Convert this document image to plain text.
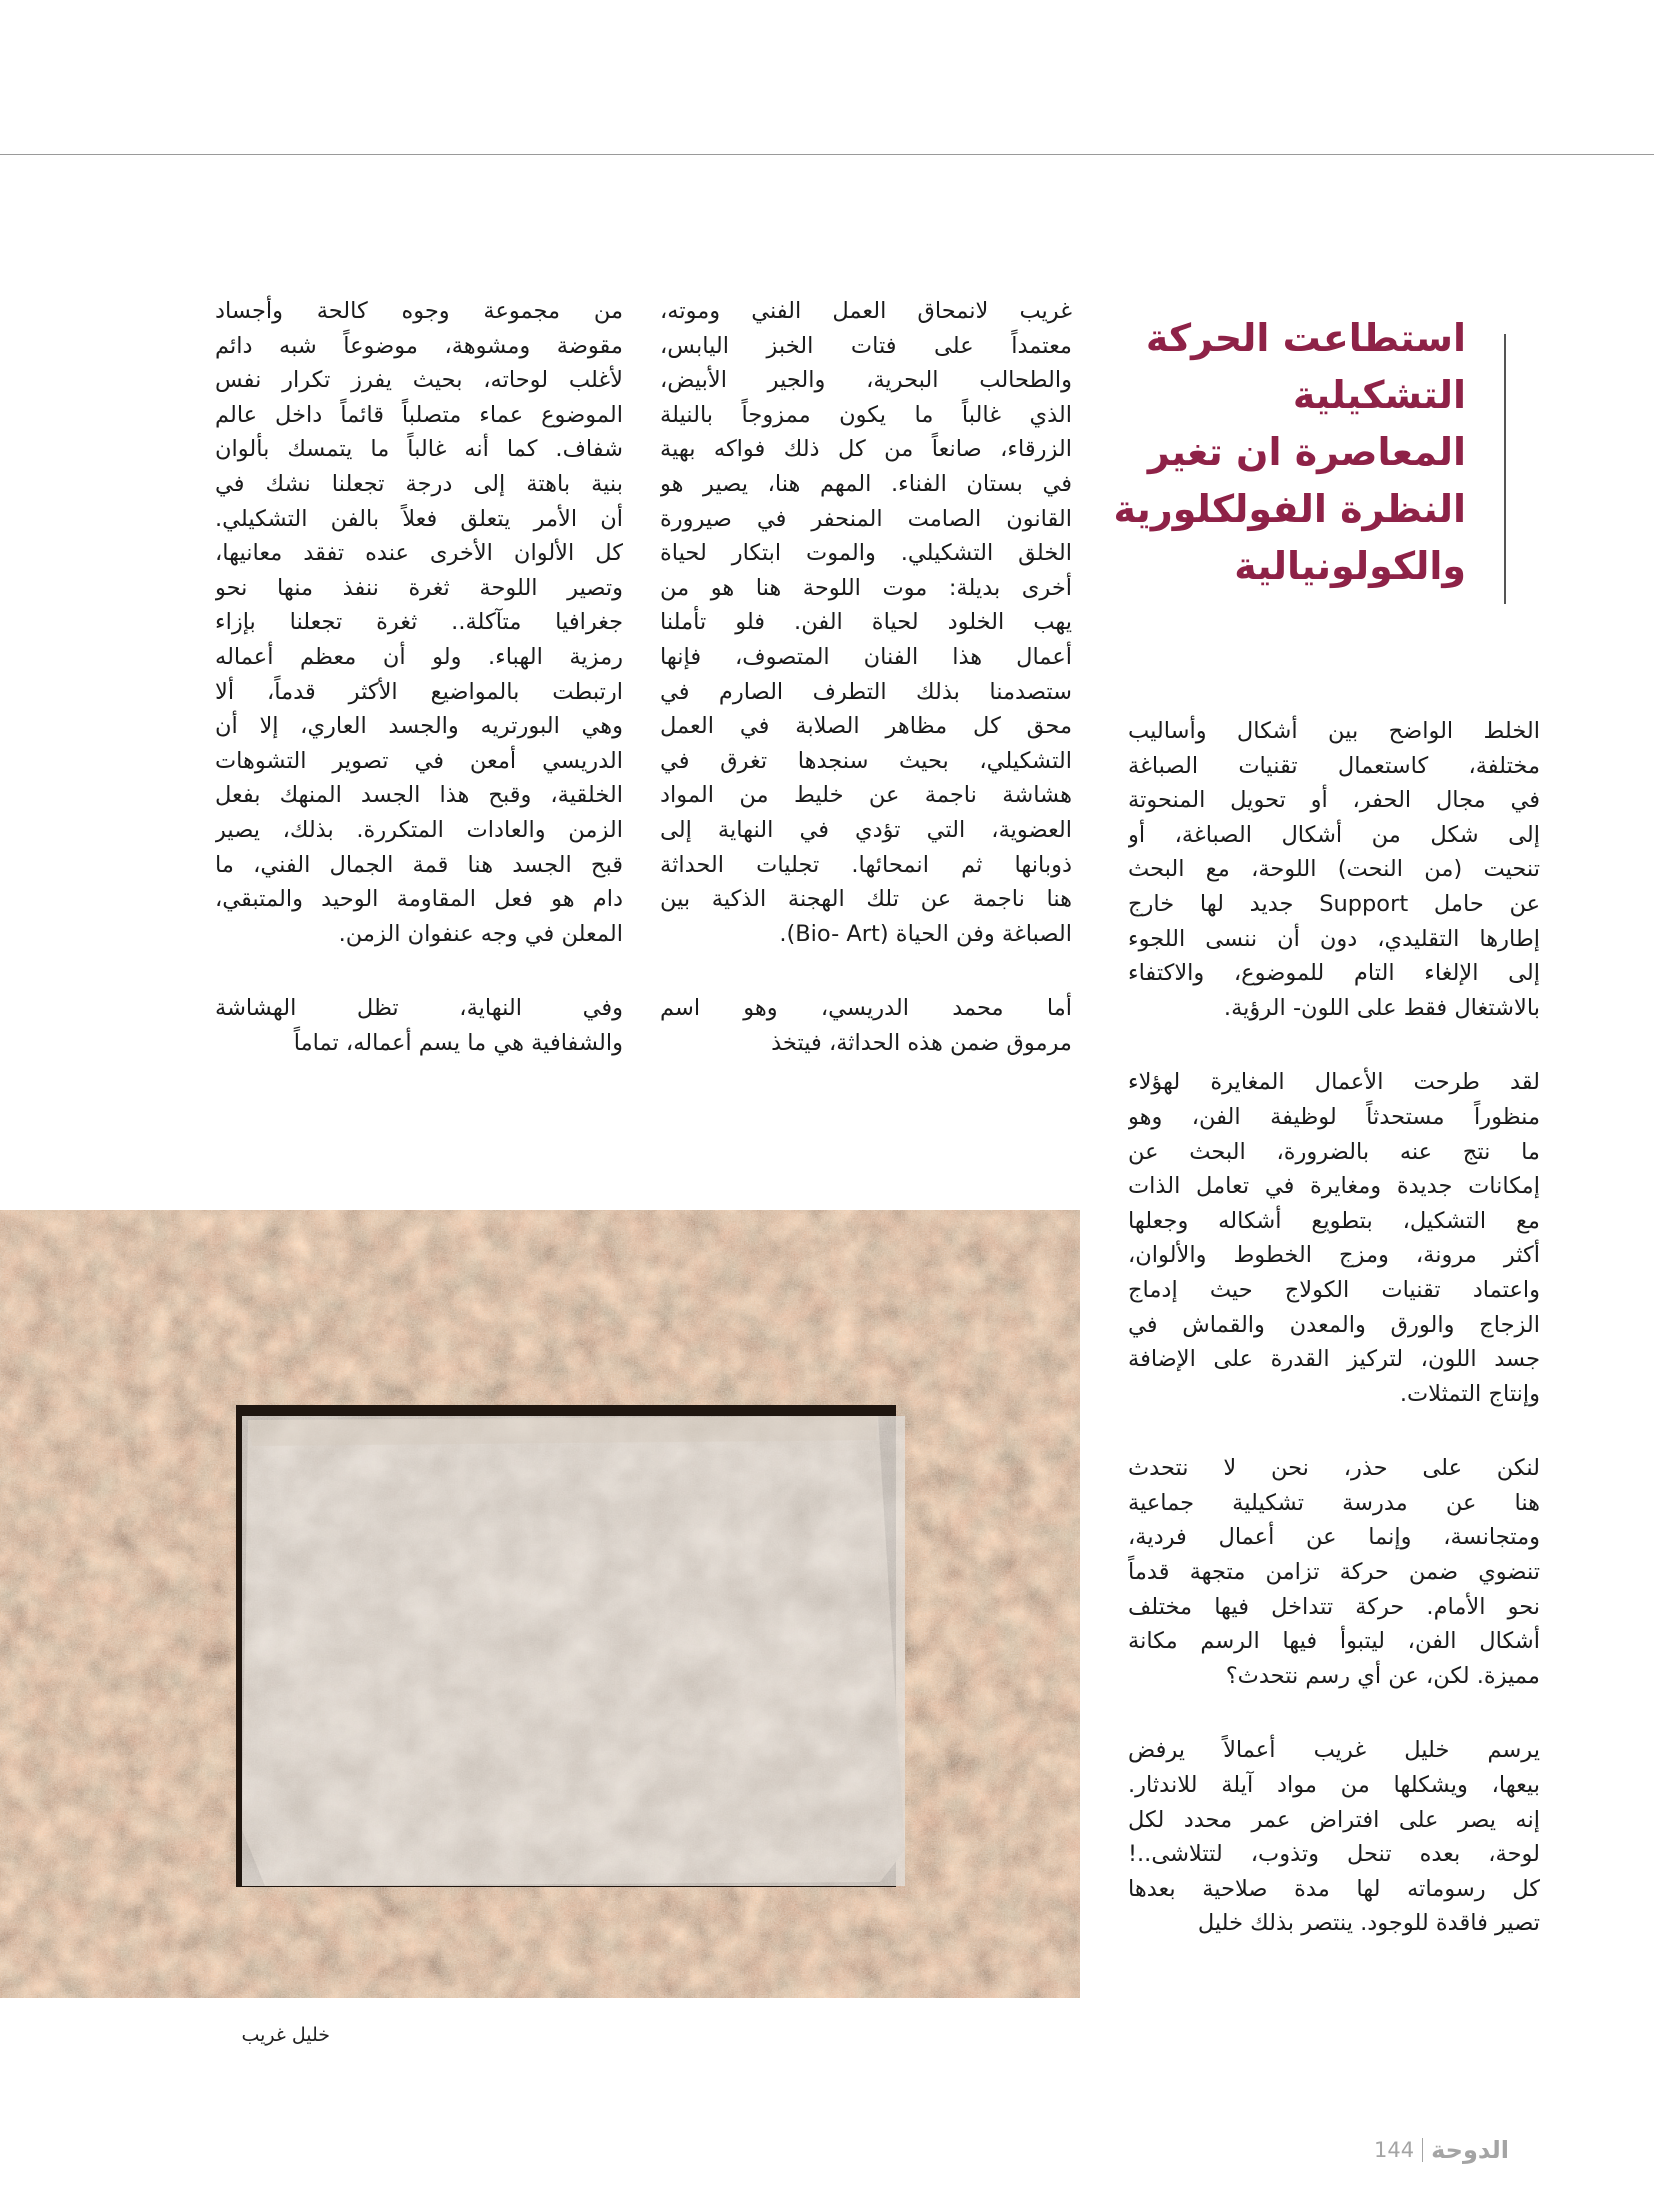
استطاعت الحركة
التشكيلية
المعاصرة ان تغير
النظرة الفولكلورية
والكولونيالية

الخلط الواضح بين أشكال وأساليب
مختلفة، كاستعمال تقنيات الصباغة
في مجال الحفر، أو تحويل المنحوتة
إلى شكل من أشكال الصباغة، أو
تنحيت (من النحت) اللوحة، مع البحث
عن حامل Support جديد لها خارج
إطارها التقليدي، دون أن ننسى اللجوء
إلى الإلغاء التام للموضوع، والاكتفاء
بالاشتغال فقط على اللون- الرؤية.

لقد طرحت الأعمال المغايرة لهؤلاء
منظوراً مستحدثاً لوظيفة الفن، وهو
ما نتج عنه بالضرورة، البحث عن
إمكانات جديدة ومغايرة في تعامل الذات
مع التشكيل، بتطويع أشكاله وجعلها
أكثر مرونة، ومزج الخطوط والألوان،
واعتماد تقنيات الكولاج حيث إدماج
الزجاج والورق والمعدن والقماش في
جسد اللون، لتركيز القدرة على الإضافة
وإنتاج التمثلات.

لنكن على حذر، نحن لا نتحدث
هنا عن مدرسة تشكيلية جماعية
ومتجانسة، وإنما عن أعمال فردية،
تنضوي ضمن حركة تزامن متجهة قدماً
نحو الأمام. حركة تتداخل فيها مختلف
أشكال الفن، ليتبوأ فيها الرسم مكانة
مميزة. لكن، عن أي رسم نتحدث؟

يرسم خليل غريب أعمالاً يرفض
بيعها، ويشكلها من مواد آيلة للاندثار.
إنه يصر على افتراض عمر محدد لكل
لوحة، بعده تنحل وتذوب، لتتلاشى..!
كل رسوماته لها مدة صلاحية بعدها
تصير فاقدة للوجود. ينتصر بذلك خليل

غريب لانمحاق العمل الفني وموته،
معتمداً على فتات الخبز اليابس،
والطحالب البحرية، والجير الأبيض،
الذي غالباً ما يكون ممزوجاً بالنيلة
الزرقاء، صانعاً من كل ذلك فواكه بهية
في بستان الفناء. المهم هنا، يصير هو
القانون الصامت المنحفر في صيرورة
الخلق التشكيلي. والموت ابتكار لحياة
أخرى بديلة: موت اللوحة هنا هو من
يهب الخلود لحياة الفن. فلو تأملنا
أعمال هذا الفنان المتصوف، فإنها
ستصدمنا بذلك التطرف الصارم في
محق كل مظاهر الصلابة في العمل
التشكيلي، بحيث سنجدها تغرق في
هشاشة ناجمة عن خليط من المواد
العضوية، التي تؤدي في النهاية إلى
ذوبانها ثم انمحائها. تجليات الحداثة
هنا ناجمة عن تلك الهجنة الذكية بين
الصباغة وفن الحياة (Bio- Art).

أما محمد الدريسي، وهو اسم
مرموق ضمن هذه الحداثة، فيتخذ

من مجموعة وجوه كالحة وأجساد
مقوضة ومشوهة، موضوعاً شبه دائم
لأغلب لوحاته، بحيث يفرز تكرار نفس
الموضوع عماء متصلباً قائماً داخل عالم
شفاف. كما أنه غالباً ما يتمسك بألوان
بنية باهتة إلى درجة تجعلنا نشك في
أن الأمر يتعلق فعلاً بالفن التشكيلي.
كل الألوان الأخرى عنده تفقد معانيها،
وتصير اللوحة ثغرة ننفذ منها نحو
جغرافيا متآكلة.. ثغرة تجعلنا بإزاء
رمزية الهباء. ولو أن معظم أعماله
ارتبطت بالمواضيع الأكثر قدماً، ألا
وهي البورتريه والجسد العاري، إلا أن
الدريسي أمعن في تصوير التشوهات
الخلقية، وقبح هذا الجسد المنهك بفعل
الزمن والعادات المتكررة. بذلك، يصير
قبح الجسد هنا قمة الجمال الفني، ما
دام هو فعل المقاومة الوحيد والمتبقي،
المعلن في وجه عنفوان الزمن.

وفي النهاية، تظل الهشاشة
والشفافية هي ما يسم أعماله، تماماً

خليل غريب
144 الدوحة
